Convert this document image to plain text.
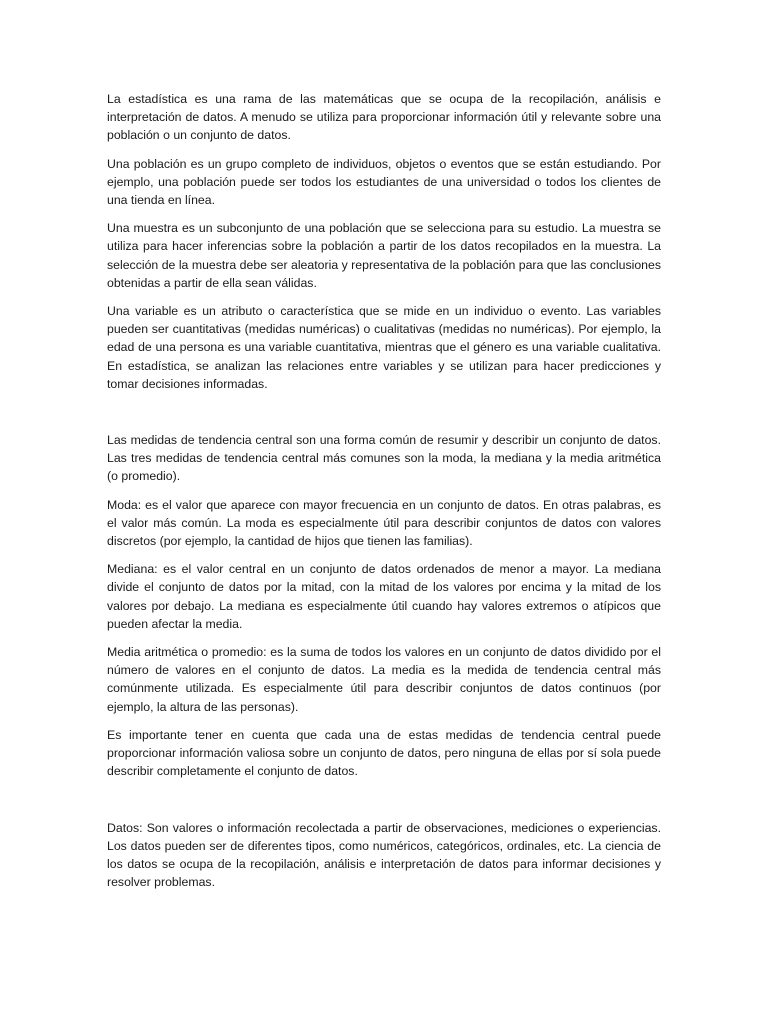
La estadística es una rama de las matemáticas que se ocupa de la recopilación, análisis e interpretación de datos. A menudo se utiliza para proporcionar información útil y relevante sobre una población o un conjunto de datos.

Una población es un grupo completo de individuos, objetos o eventos que se están estudiando. Por ejemplo, una población puede ser todos los estudiantes de una universidad o todos los clientes de una tienda en línea.

Una muestra es un subconjunto de una población que se selecciona para su estudio. La muestra se utiliza para hacer inferencias sobre la población a partir de los datos recopilados en la muestra. La selección de la muestra debe ser aleatoria y representativa de la población para que las conclusiones obtenidas a partir de ella sean válidas.

Una variable es un atributo o característica que se mide en un individuo o evento. Las variables pueden ser cuantitativas (medidas numéricas) o cualitativas (medidas no numéricas). Por ejemplo, la edad de una persona es una variable cuantitativa, mientras que el género es una variable cualitativa. En estadística, se analizan las relaciones entre variables y se utilizan para hacer predicciones y tomar decisiones informadas.

Las medidas de tendencia central son una forma común de resumir y describir un conjunto de datos. Las tres medidas de tendencia central más comunes son la moda, la mediana y la media aritmética (o promedio).

Moda: es el valor que aparece con mayor frecuencia en un conjunto de datos. En otras palabras, es el valor más común. La moda es especialmente útil para describir conjuntos de datos con valores discretos (por ejemplo, la cantidad de hijos que tienen las familias).

Mediana: es el valor central en un conjunto de datos ordenados de menor a mayor. La mediana divide el conjunto de datos por la mitad, con la mitad de los valores por encima y la mitad de los valores por debajo. La mediana es especialmente útil cuando hay valores extremos o atípicos que pueden afectar la media.

Media aritmética o promedio: es la suma de todos los valores en un conjunto de datos dividido por el número de valores en el conjunto de datos. La media es la medida de tendencia central más comúnmente utilizada. Es especialmente útil para describir conjuntos de datos continuos (por ejemplo, la altura de las personas).

Es importante tener en cuenta que cada una de estas medidas de tendencia central puede proporcionar información valiosa sobre un conjunto de datos, pero ninguna de ellas por sí sola puede describir completamente el conjunto de datos.

Datos: Son valores o información recolectada a partir de observaciones, mediciones o experiencias. Los datos pueden ser de diferentes tipos, como numéricos, categóricos, ordinales, etc. La ciencia de los datos se ocupa de la recopilación, análisis e interpretación de datos para informar decisiones y resolver problemas.
